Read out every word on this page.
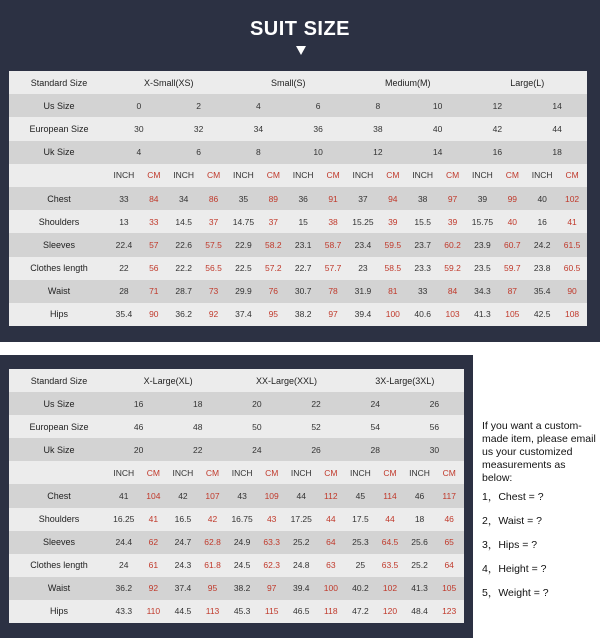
SUIT SIZE
Standard Size	X-Small(XS)				Small(S)				Medium(M)				Large(L)			
Us Size	0		2		4		6		8		10		12		14	
European Size	30		32		34		36		38		40		42		44	
Uk Size	4		6		8		10		12		14		16		18	
	INCH	CM	INCH	CM	INCH	CM	INCH	CM	INCH	CM	INCH	CM	INCH	CM	INCH	CM
Chest	33	84	34	86	35	89	36	91	37	94	38	97	39	99	40	102
Shoulders	13	33	14.5	37	14.75	37	15	38	15.25	39	15.5	39	15.75	40	16	41
Sleeves	22.4	57	22.6	57.5	22.9	58.2	23.1	58.7	23.4	59.5	23.7	60.2	23.9	60.7	24.2	61.5
Clothes length	22	56	22.2	56.5	22.5	57.2	22.7	57.7	23	58.5	23.3	59.2	23.5	59.7	23.8	60.5
Waist	28	71	28.7	73	29.9	76	30.7	78	31.9	81	33	84	34.3	87	35.4	90
Hips	35.4	90	36.2	92	37.4	95	38.2	97	39.4	100	40.6	103	41.3	105	42.5	108
Standard Size	X-Large(XL)				XX-Large(XXL)				3X-Large(3XL)			
Us Size	16		18		20		22		24		26	
European Size	46		48		50		52		54		56	
Uk Size	20		22		24		26		28		30	
	INCH	CM	INCH	CM	INCH	CM	INCH	CM	INCH	CM	INCH	CM
Chest	41	104	42	107	43	109	44	112	45	114	46	117
Shoulders	16.25	41	16.5	42	16.75	43	17.25	44	17.5	44	18	46
Sleeves	24.4	62	24.7	62.8	24.9	63.3	25.2	64	25.3	64.5	25.6	65
Clothes length	24	61	24.3	61.8	24.5	62.3	24.8	63	25	63.5	25.2	64
Waist	36.2	92	37.4	95	38.2	97	39.4	100	40.2	102	41.3	105
Hips	43.3	110	44.5	113	45.3	115	46.5	118	47.2	120	48.4	123
If you want a custom-made item, please email us your customized measurements as below:
1，Chest = ?
2，Waist = ?
3，Hips = ?
4，Height = ?
5，Weight = ?
